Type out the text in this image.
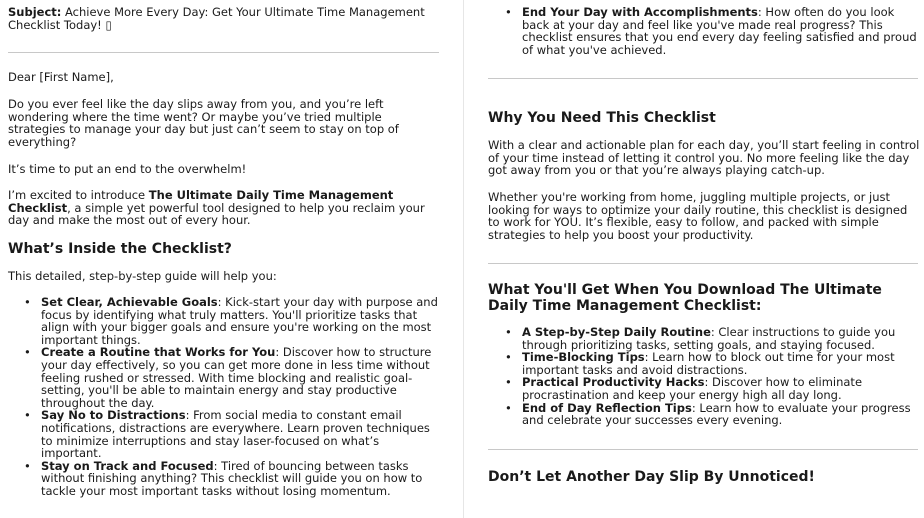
Subject: Achieve More Every Day: Get Your Ultimate Time Management Checklist Today! ▯

Dear [First Name],

Do you ever feel like the day slips away from you, and you’re left wondering where the time went? Or maybe you’ve tried multiple strategies to manage your day but just can’t seem to stay on top of everything?

It’s time to put an end to the overwhelm!

I’m excited to introduce The Ultimate Daily Time Management Checklist, a simple yet powerful tool designed to help you reclaim your day and make the most out of every hour.

What’s Inside the Checklist?

This detailed, step-by-step guide will help you:

• Set Clear, Achievable Goals: Kick-start your day with purpose and focus by identifying what truly matters. You'll prioritize tasks that align with your bigger goals and ensure you're working on the most important things.
• Create a Routine that Works for You: Discover how to structure your day effectively, so you can get more done in less time without feeling rushed or stressed. With time blocking and realistic goal-setting, you'll be able to maintain energy and stay productive throughout the day.
• Say No to Distractions: From social media to constant email notifications, distractions are everywhere. Learn proven techniques to minimize interruptions and stay laser-focused on what’s important.
• Stay on Track and Focused: Tired of bouncing between tasks without finishing anything? This checklist will guide you on how to tackle your most important tasks without losing momentum.
• End Your Day with Accomplishments: How often do you look back at your day and feel like you've made real progress? This checklist ensures that you end every day feeling satisfied and proud of what you've achieved.
Why You Need This Checklist

With a clear and actionable plan for each day, you’ll start feeling in control of your time instead of letting it control you. No more feeling like the day got away from you or that you’re always playing catch-up.

Whether you're working from home, juggling multiple projects, or just looking for ways to optimize your daily routine, this checklist is designed to work for YOU. It’s flexible, easy to follow, and packed with simple strategies to help you boost your productivity.

What You'll Get When You Download The Ultimate Daily Time Management Checklist:
• A Step-by-Step Daily Routine: Clear instructions to guide you through prioritizing tasks, setting goals, and staying focused.
• Time-Blocking Tips: Learn how to block out time for your most important tasks and avoid distractions.
• Practical Productivity Hacks: Discover how to eliminate procrastination and keep your energy high all day long.
• End of Day Reflection Tips: Learn how to evaluate your progress and celebrate your successes every evening.
Don’t Let Another Day Slip By Unnoticed!
